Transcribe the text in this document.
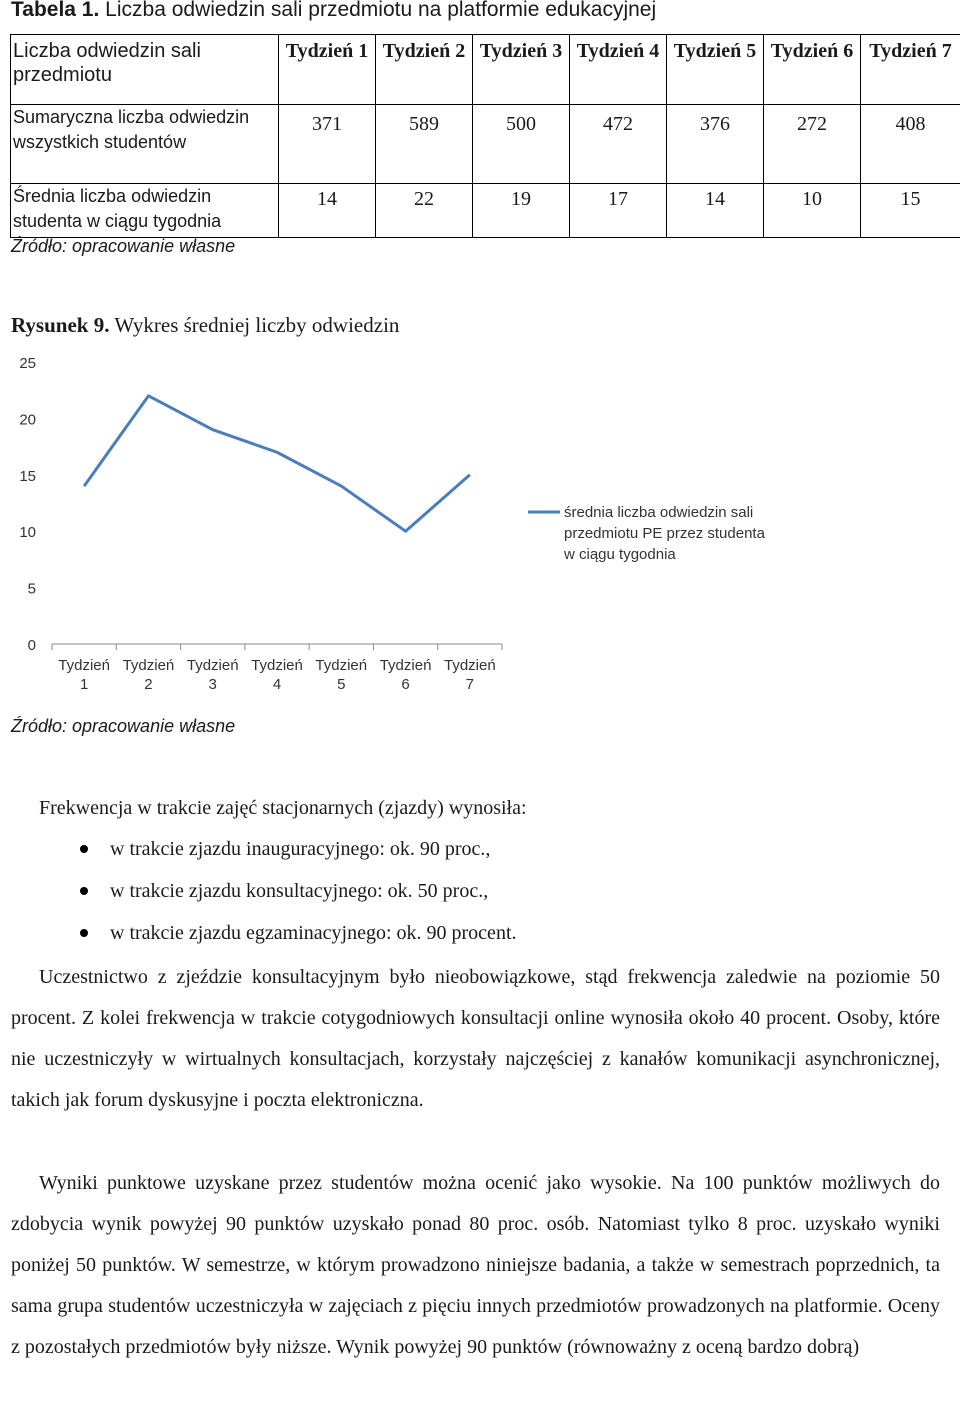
Tabela 1. Liczba odwiedzin sali przedmiotu na platformie edukacyjnej
Liczba odwiedzin sali przedmiotu	Tydzień 1	Tydzień 2	Tydzień 3	Tydzień 4	Tydzień 5	Tydzień 6	Tydzień 7
Sumaryczna liczba odwiedzin wszystkich studentów	371	589	500	472	376	272	408
Średnia liczba odwiedzin studenta w ciągu tygodnia	14	22	19	17	14	10	15
Źródło: opracowanie własne
Rysunek 9. Wykres średniej liczby odwiedzin
0
5
10
15
20
25
Tydzień 1
Tydzień 2
Tydzień 3
Tydzień 4
Tydzień 5
Tydzień 6
Tydzień 7
średnia liczba odwiedzin sali przedmiotu PE przez studenta w ciągu tygodnia
Źródło: opracowanie własne

Frekwencja w trakcie zajęć stacjonarnych (zjazdy) wynosiła:

w trakcie zjazdu inauguracyjnego: ok. 90 proc.,
w trakcie zjazdu konsultacyjnego: ok. 50 proc.,
w trakcie zjazdu egzaminacyjnego: ok. 90 procent.

Uczestnictwo z zjeździe konsultacyjnym było nieobowiązkowe, stąd frekwencja zaledwie na poziomie 50 procent. Z kolei frekwencja w trakcie cotygodniowych konsultacji online wynosiła około 40 procent. Osoby, które nie uczestniczyły w wirtualnych konsultacjach, korzystały najczęściej z kanałów komunikacji asynchronicznej, takich jak forum dyskusyjne i poczta elektroniczna.

Wyniki punktowe uzyskane przez studentów można ocenić jako wysokie. Na 100 punktów możliwych do zdobycia wynik powyżej 90 punktów uzyskało ponad 80 proc. osób. Natomiast tylko 8 proc. uzyskało wyniki poniżej 50 punktów. W semestrze, w którym prowadzono niniejsze badania, a także w semestrach poprzednich, ta sama grupa studentów uczestniczyła w zajęciach z pięciu innych przedmiotów prowadzonych na platformie. Oceny z pozostałych przedmiotów były niższe. Wynik powyżej 90 punktów (równoważny z oceną bardzo dobrą)
